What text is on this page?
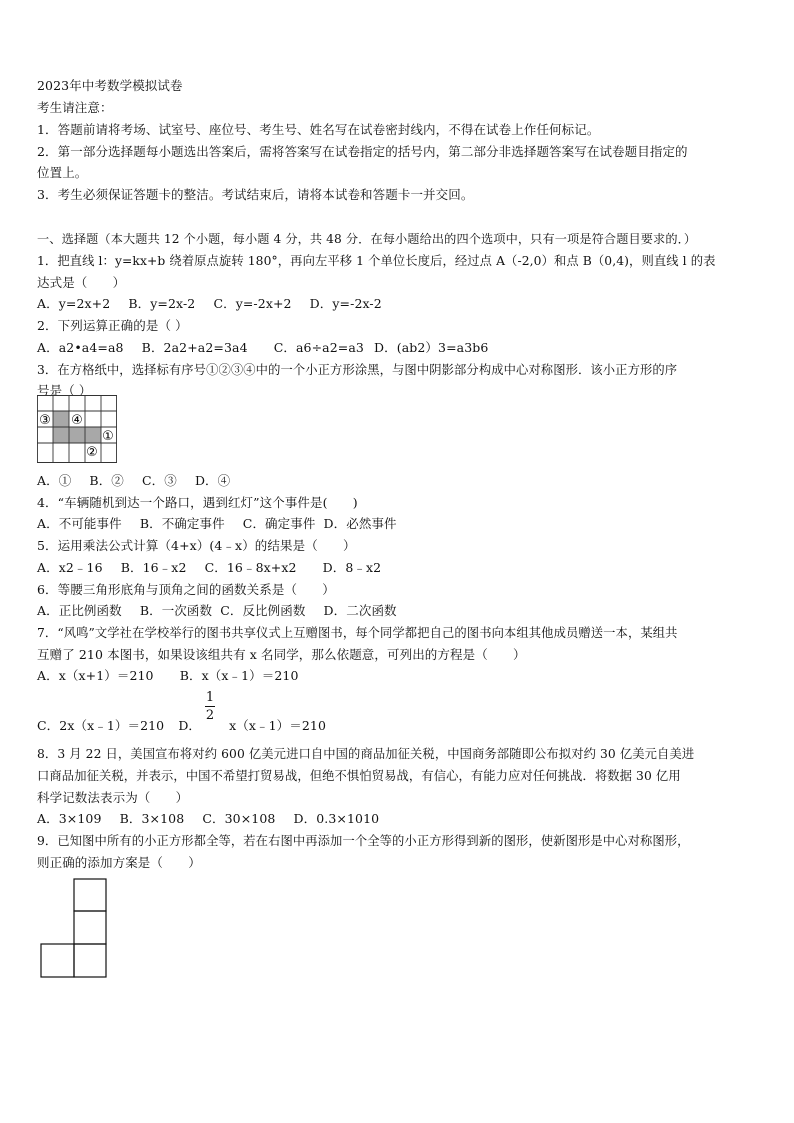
2023年中考数学模拟试卷
考生请注意：
1．答题前请将考场、试室号、座位号、考生号、姓名写在试卷密封线内，不得在试卷上作任何标记。
2．第一部分选择题每小题选出答案后，需将答案写在试卷指定的括号内，第二部分非选择题答案写在试卷题目指定的
位置上。
3．考生必须保证答题卡的整洁。考试结束后，请将本试卷和答题卡一并交回。
一、选择题（本大题共 12 个小题，每小题 4 分，共 48 分．在每小题给出的四个选项中，只有一项是符合题目要求的．）
1．把直线 l：y=kx+b 绕着原点旋转 180°，再向左平移 1 个单位长度后，经过点 A（-2,0）和点 B（0,4)，则直线 l 的表
达式是（　　）
A．y=2x+2 B．y=2x-2 C．y=-2x+2 D．y=-2x-2
2．下列运算正确的是（ ）
A．a2•a4=a8 B．2a2+a2=3a4 C．a6÷a2=a3 D．(ab2）3=a3b6
3．在方格纸中，选择标有序号①②③④中的一个小正方形涂黑，与图中阴影部分构成中心对称图形．该小正方形的序
号是（ ）
③ ④
①
②
A．① B．② C．③ D．④
4．“车辆随机到达一个路口，遇到红灯”这个事件是(　　)
A．不可能事件 B．不确定事件 C．确定事件 D．必然事件
5．运用乘法公式计算（4+x）(4﹣x）的结果是（　　）
A．x2﹣16 B．16﹣x2 C．16﹣8x+x2 D．8﹣x2
6．等腰三角形底角与顶角之间的函数关系是（　　）
A．正比例函数 B．一次函数 C．反比例函数 D．二次函数
7．“风鸣”文学社在学校举行的图书共享仪式上互赠图书，每个同学都把自己的图书向本组其他成员赠送一本，某组共
互赠了 210 本图书，如果设该组共有 x 名同学，那么依题意，可列出的方程是（　　）
A．x（x+1）＝210 B．x（x﹣1）＝210
1
2
C．2x（x﹣1）＝210 D． x（x﹣1）＝210
8．3 月 22 日，美国宣布将对约 600 亿美元进口自中国的商品加征关税，中国商务部随即公布拟对约 30 亿美元自美进
口商品加征关税，并表示，中国不希望打贸易战，但绝不惧怕贸易战，有信心，有能力应对任何挑战．将数据 30 亿用
科学记数法表示为（　　）
A．3×109 B．3×108 C．30×108 D．0.3×1010
9．已知图中所有的小正方形都全等，若在右图中再添加一个全等的小正方形得到新的图形，使新图形是中心对称图形，
则正确的添加方案是（　　）
